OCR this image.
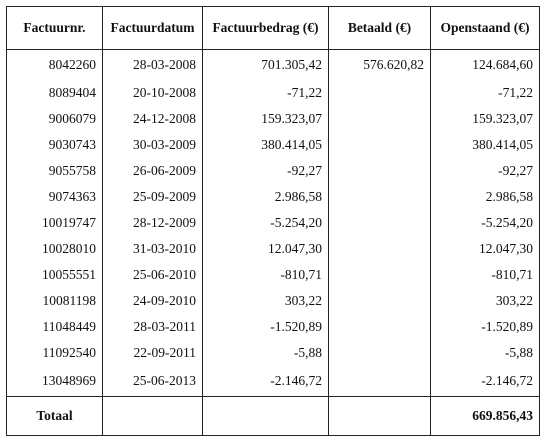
Factuurnr.	Factuurdatum	Factuurbedrag (€)	Betaald (€)	Openstaand (€)
8042260	28-03-2008	701.305,42	576.620,82	124.684,60
8089404	20-10-2008	-71,22		-71,22
9006079	24-12-2008	159.323,07		159.323,07
9030743	30-03-2009	380.414,05		380.414,05
9055758	26-06-2009	-92,27		-92,27
9074363	25-09-2009	2.986,58		2.986,58
10019747	28-12-2009	-5.254,20		-5.254,20
10028010	31-03-2010	12.047,30		12.047,30
10055551	25-06-2010	-810,71		-810,71
10081198	24-09-2010	303,22		303,22
11048449	28-03-2011	-1.520,89		-1.520,89
11092540	22-09-2011	-5,88		-5,88
13048969	25-06-2013	-2.146,72		-2.146,72
Totaal				669.856,43
